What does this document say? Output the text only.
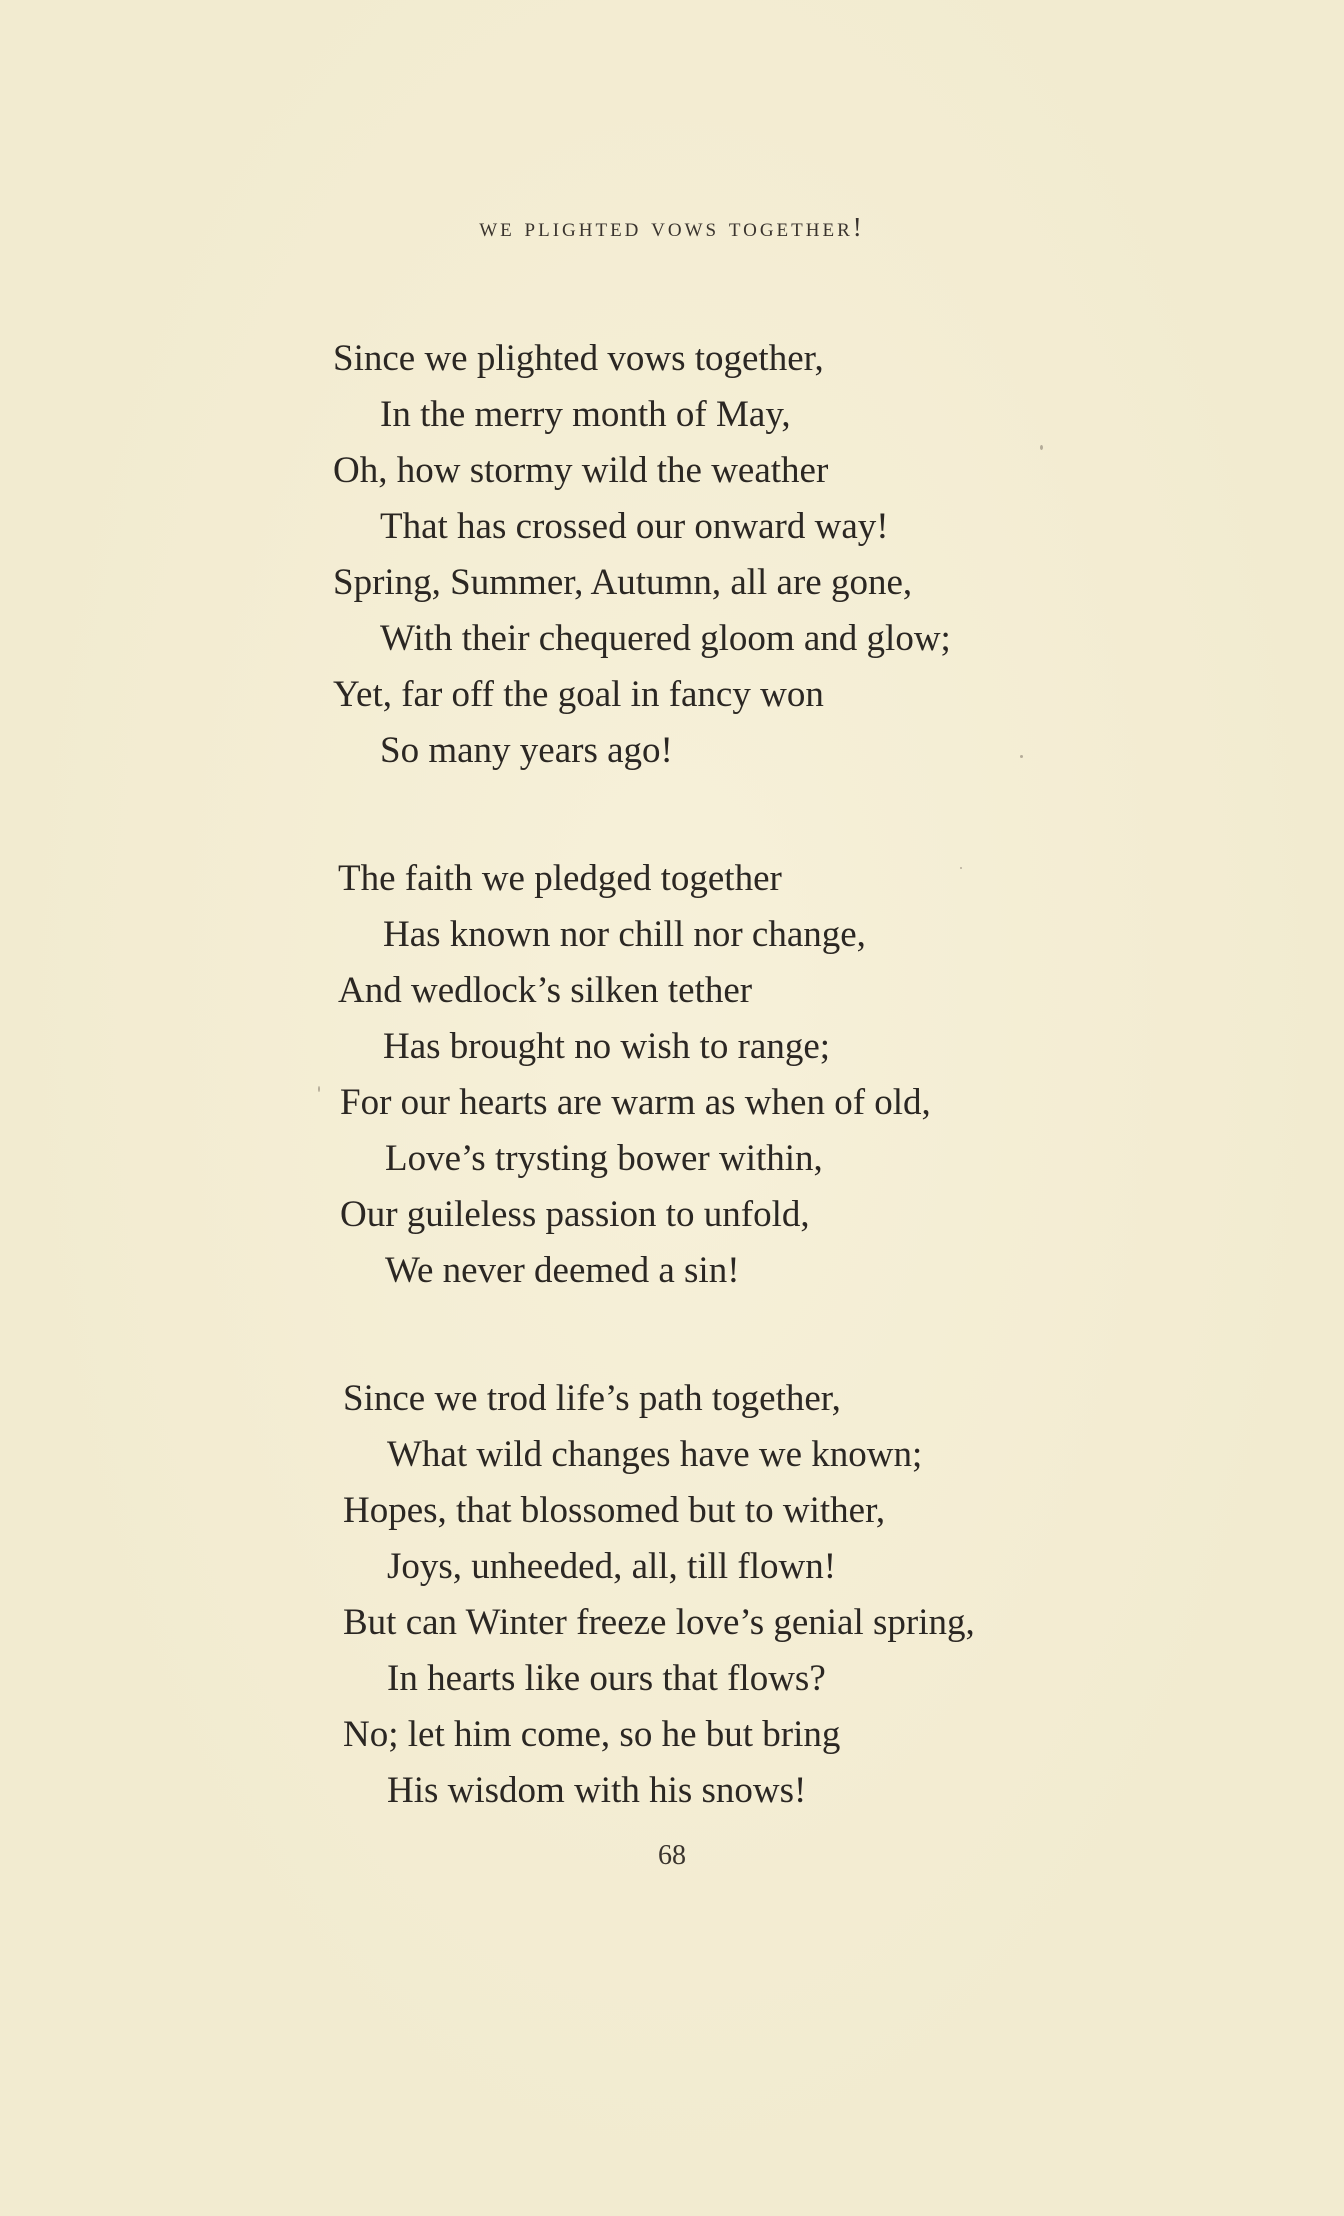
we plighted vows together!
Since we plighted vows together,
In the merry month of May,
Oh, how stormy wild the weather
That has crossed our onward way!
Spring, Summer, Autumn, all are gone,
With their chequered gloom and glow;
Yet, far off the goal in fancy won
So many years ago!
The faith we pledged together
Has known nor chill nor change,
And wedlock’s silken tether
Has brought no wish to range;
For our hearts are warm as when of old,
Love’s trysting bower within,
Our guileless passion to unfold,
We never deemed a sin!
Since we trod life’s path together,
What wild changes have we known;
Hopes, that blossomed but to wither,
Joys, unheeded, all, till flown!
But can Winter freeze love’s genial spring,
In hearts like ours that flows?
No; let him come, so he but bring
His wisdom with his snows!
68
